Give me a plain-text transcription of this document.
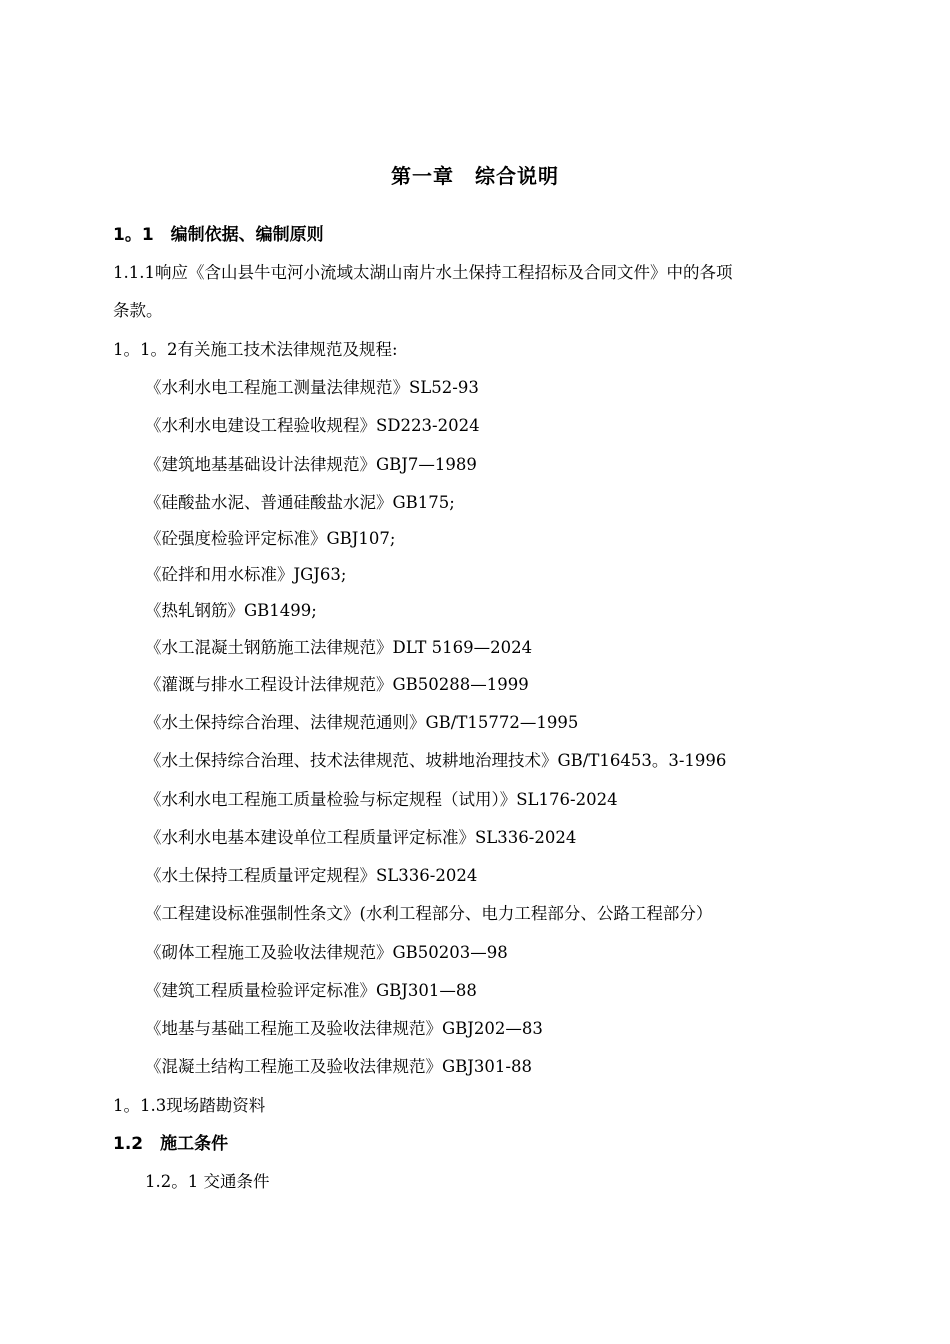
第一章　综合说明
1。1　编制依据、编制原则
1.1.1响应《含山县牛屯河小流域太湖山南片水土保持工程招标及合同文件》中的各项
条款。
1。1。2有关施工技术法律规范及规程:
《水利水电工程施工测量法律规范》SL52-93
《水利水电建设工程验收规程》SD223-2024
《建筑地基基础设计法律规范》GBJ7—1989
《硅酸盐水泥、普通硅酸盐水泥》GB175;
《砼强度检验评定标准》GBJ107;
《砼拌和用水标准》JGJ63;
《热轧钢筋》GB1499;
《水工混凝土钢筋施工法律规范》DLT 5169—2024
《灌溉与排水工程设计法律规范》GB50288—1999
《水土保持综合治理、法律规范通则》GB/T15772—1995
《水土保持综合治理、技术法律规范、坡耕地治理技术》GB/T16453。3-1996
《水利水电工程施工质量检验与标定规程（试用）》SL176-2024
《水利水电基本建设单位工程质量评定标准》SL336-2024
《水土保持工程质量评定规程》SL336-2024
《工程建设标准强制性条文》(水利工程部分、电力工程部分、公路工程部分）
《砌体工程施工及验收法律规范》GB50203—98
《建筑工程质量检验评定标准》GBJ301—88
《地基与基础工程施工及验收法律规范》GBJ202—83
《混凝土结构工程施工及验收法律规范》GBJ301-88
1。1.3现场踏勘资料
1.2　施工条件
1.2。1 交通条件
